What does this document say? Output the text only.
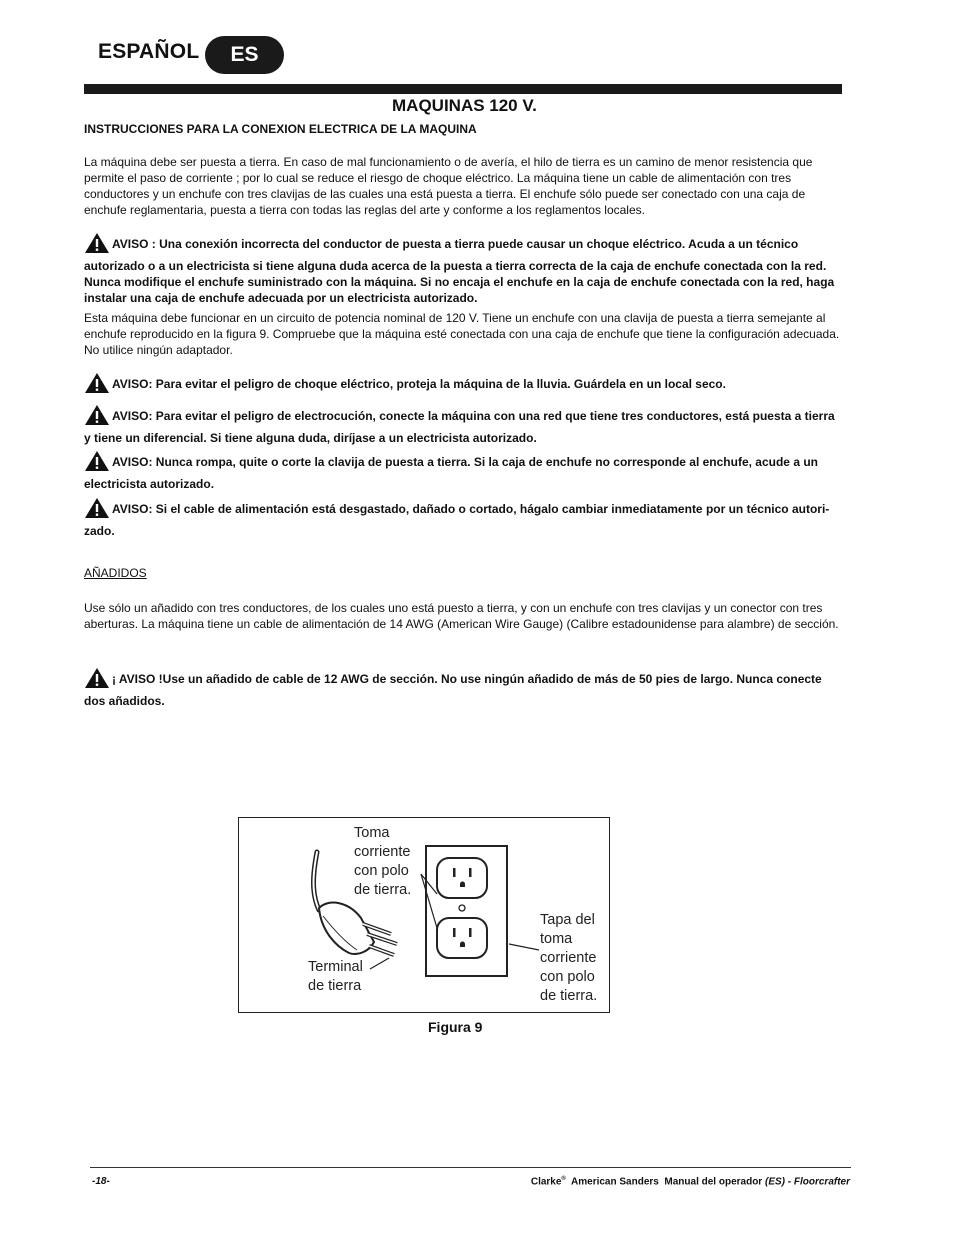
ESPAÑOL	ES
MAQUINAS 120 V.
INSTRUCCIONES PARA LA CONEXION ELECTRICA DE LA MAQUINA
La máquina debe ser puesta a tierra. En caso de mal funcionamiento o de avería, el hilo de tierra es un camino de menor resistencia que permite el paso de corriente ; por lo cual se reduce el riesgo de choque eléctrico. La máquina tiene un cable de alimentación con tres conductores y un enchufe con tres clavijas de las cuales una está puesta a tierra. El enchufe sólo puede ser conectado con una caja de enchufe reglamentaria, puesta a tierra con todas las reglas del arte y conforme a los reglamentos locales.
AVISO : Una conexión incorrecta del conductor de puesta a tierra puede causar un choque eléctrico. Acuda a un técnico autorizado o a un electricista si tiene alguna duda acerca de la puesta a tierra correcta de la caja de enchufe conectada con la red. Nunca modifique el enchufe suministrado con la máquina. Si no encaja el enchufe en la caja de enchufe conectada con la red, haga instalar una caja de enchufe adecuada por un electricista autorizado.
Esta máquina debe funcionar en un circuito de potencia nominal de 120 V. Tiene un enchufe con una clavija de puesta a tierra semejante al enchufe reproducido en la figura 9. Compruebe que la máquina esté conectada con una caja de enchufe que tiene la configuración adecuada. No utilice ningún adaptador.
AVISO: Para evitar el peligro de choque eléctrico, proteja la máquina de la lluvia. Guárdela en un local seco.
AVISO: Para evitar el peligro de electrocución, conecte la máquina con una red que tiene tres conductores, está puesta a tierra y tiene un diferencial. Si tiene alguna duda, diríjase a un electricista autorizado.
AVISO: Nunca rompa, quite o corte la clavija de puesta a tierra. Si la caja de enchufe no corresponde al enchufe, acude a un electricista autorizado.
AVISO: Si el cable de alimentación está desgastado, dañado o cortado, hágalo cambiar inmediatamente por un técnico autori-zado.
AÑADIDOS
Use sólo un añadido con tres conductores, de los cuales uno está puesto a tierra, y con un enchufe con tres clavijas y un conector con tres aberturas. La máquina tiene un cable de alimentación de 14 AWG (American Wire Gauge) (Calibre estadounidense para alambre) de sección.
¡ AVISO !Use un añadido de cable de 12 AWG de sección. No use ningún añadido de más de 50 pies de largo. Nunca conecte dos añadidos.
Toma
corriente
con polo
de tierra.
Tapa del
toma
corriente
con polo
de tierra.
Terminal
de tierra
Figura 9
-18-	Clarke®  American Sanders  Manual del operador (ES) - Floorcrafter
